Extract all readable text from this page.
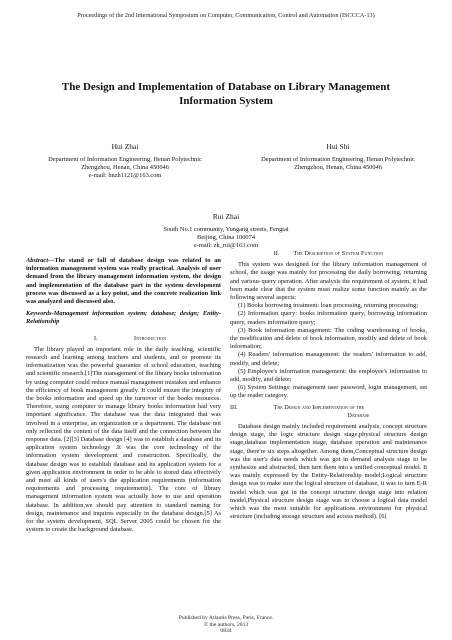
Proceedings of the 2nd International Symposium on Computer, Communication, Control and Automation (ISCCCA-13)
The Design and Implementation of Database on Library Management Information System
Hui Zhai
Department of Information Engineering, Henan Polytechnic
Zhengzhou, Henan, China 450046
e-mail: hnzh1121@163.com
Hui Shi
Department of Information Engineering, Henan Polytechnic
Zhengzhou, Henan, China 450046
Rui Zhai
South No.1 community, Yungang streets, Fengtai
Beijing, China 100074
e-mail: zk_rui@163.com
Abstract—The stand or fall of database design was related to an information management system was really practical. Analysis of user demand from the library management information system, the design and implementation of the database part in the system development process was discussed as a key point, and the concrete realization link was analyzed and discussed also.
Keywords-Management information system; database; design; Entity-Relationship
I.	Introduction

The library played an important role in the daily teaching, scientific research and learning among teachers and students, and to promote its informatization was the powerful guarantee of school education, teaching and scientific research.[1]The management of the library books information by using computer could reduce manual management mistakes and enhance the efficiency of book management greatly. It could ensure the integrity of the books information and speed up the turnover of the books resources. Therefore, using computer to manage library books information had very important significance. The database was the data integrated that was involved in a enterprise, an organization or a department. The database not only reflected the content of the data itself and the connection between the response data. [2][3] Database design [4] was to establish a database and its application system technology .It was the core technology of the information system development and construction. Specifically, the database design was to establish database and its application system for a given application environment in order to be able to stored data effectively and meet all kinds of users's the application requirements (information requirements and processing requirements). The core of library management information system was actually how to use and operation database. In addition,we should pay attention to standard naming for design, maintenance and inquires especially in the database design.[5] As for the system development, SQL Server 2005 could be chosen for the system to create the background database.

II. The Description of System Function

This system was designed for the library information management of school, the usage was mainly for processing the daily borrowing, returning and various query operation. After analysis the requirement of system, it had been made clear that the system must realize some function mainly as the following several aspects:

(1) Books borrowing treatment: loan processing, returning processing;

(2) Information query: books information query, borrowing information query, readers information query;

(3) Book information management: The coding warehousing of books, the modification and delete of book information, modify and delete of book information;

(4) Readers' information management: the readers' information to add, modify, and delete;

(5) Employee's information management: the employee's information to add, modify, and delete;

(6) System Settings: management user password, login management, set up the reader category.

III.	The Design and Implementation of the
Database

Database design mainly included requirement analysis, concept structure design stage, the logic structure design stage,physical structure design stage,database implementation stage, database operation and maintenance stage, there're six steps altogether. Among them,Conceptual structure design was the user's data needs which was got in demand analysis stage to be synthesize and abstracted, then turn them into a unified conceptual model. It was mainly expressed by the Entity-Relationship model;Logical structure design was to make sure the logical structure of database, it was to turn E-R model which was got in the concept structure design stage into relation model,Physical structure design stage was to choose a logical data model which was the most suitable for applications environment for physical structure (including storage structure and access method). [6]

Published by Atlantis Press, Paris, France.
© the authors, 2013
0834
